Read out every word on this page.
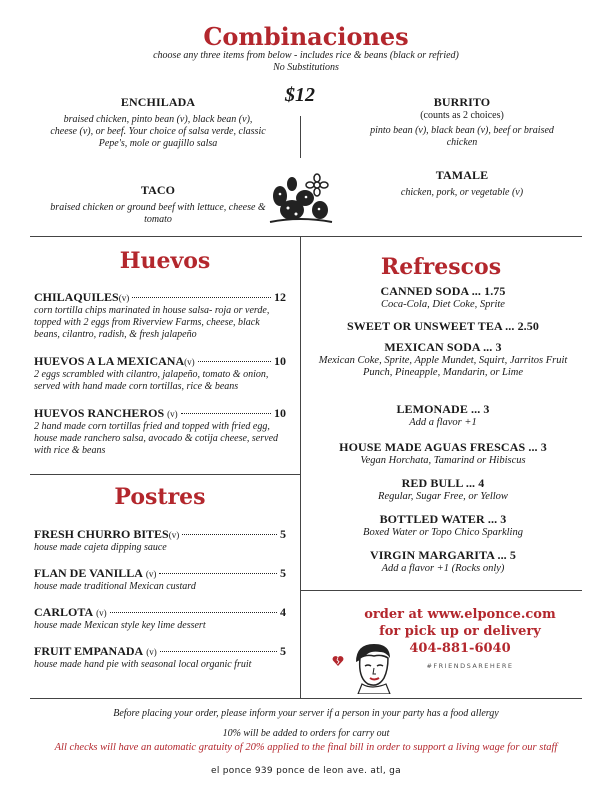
Combinaciones
choose any three items from below - includes rice & beans (black or refried)
No Substitutions
$12
ENCHILADA
braised chicken, pinto bean (v), black bean (v), cheese (v), or beef. Your choice of salsa verde, classic Pepe's, mole or guajillo salsa
TACO
braised chicken or ground beef with lettuce, cheese & tomato
BURRITO
(counts as 2 choices)
pinto bean (v), black bean (v), beef or braised chicken
TAMALE
chicken, pork, or vegetable (v)
Huevos
CHILAQUILES (v)	12
corn tortilla chips marinated in house salsa- roja or verde, topped with 2 eggs from Riverview Farms, cheese, black beans, cilantro, radish, & fresh jalapeño
HUEVOS A LA MEXICANA (v)	10
2 eggs scrambled with cilantro, jalapeño, tomato & onion, served with hand made corn tortillas, rice & beans
HUEVOS RANCHEROS (v)	10
2 hand made corn tortillas fried and topped with fried egg, house made ranchero salsa, avocado & cotija cheese, served with rice & beans
Postres
FRESH CHURRO BITES (v)	5
house made cajeta dipping sauce
FLAN DE VANILLA (v)	5
house made traditional Mexican custard
CARLOTA (v)	4
house made Mexican style key lime dessert
FRUIT EMPANADA (v)	5
house made hand pie with seasonal local organic fruit
Refrescos
CANNED SODA ... 1.75
Coca-Cola, Diet Coke, Sprite
SWEET OR UNSWEET TEA ... 2.50
MEXICAN SODA ... 3
Mexican Coke, Sprite, Apple Mundet, Squirt, Jarritos Fruit Punch, Pineapple, Mandarin, or Lime
LEMONADE ... 3
Add a flavor +1
HOUSE MADE AGUAS FRESCAS ... 3
Vegan Horchata, Tamarind or Hibiscus
RED BULL ... 4
Regular, Sugar Free, or Yellow
BOTTLED WATER ... 3
Boxed Water or Topo Chico Sparkling
VIRGIN MARGARITA ... 5
Add a flavor +1 (Rocks only)
order at www.elponce.com
for pick up or delivery
404-881-6040
#FRIENDSAREHERE
Before placing your order, please inform your server if a person in your party has a food allergy
10% will be added to orders for carry out
All checks will have an automatic gratuity of 20% applied to the final bill in order to support a living wage for our staff
el ponce 939 ponce de leon ave. atl, ga
